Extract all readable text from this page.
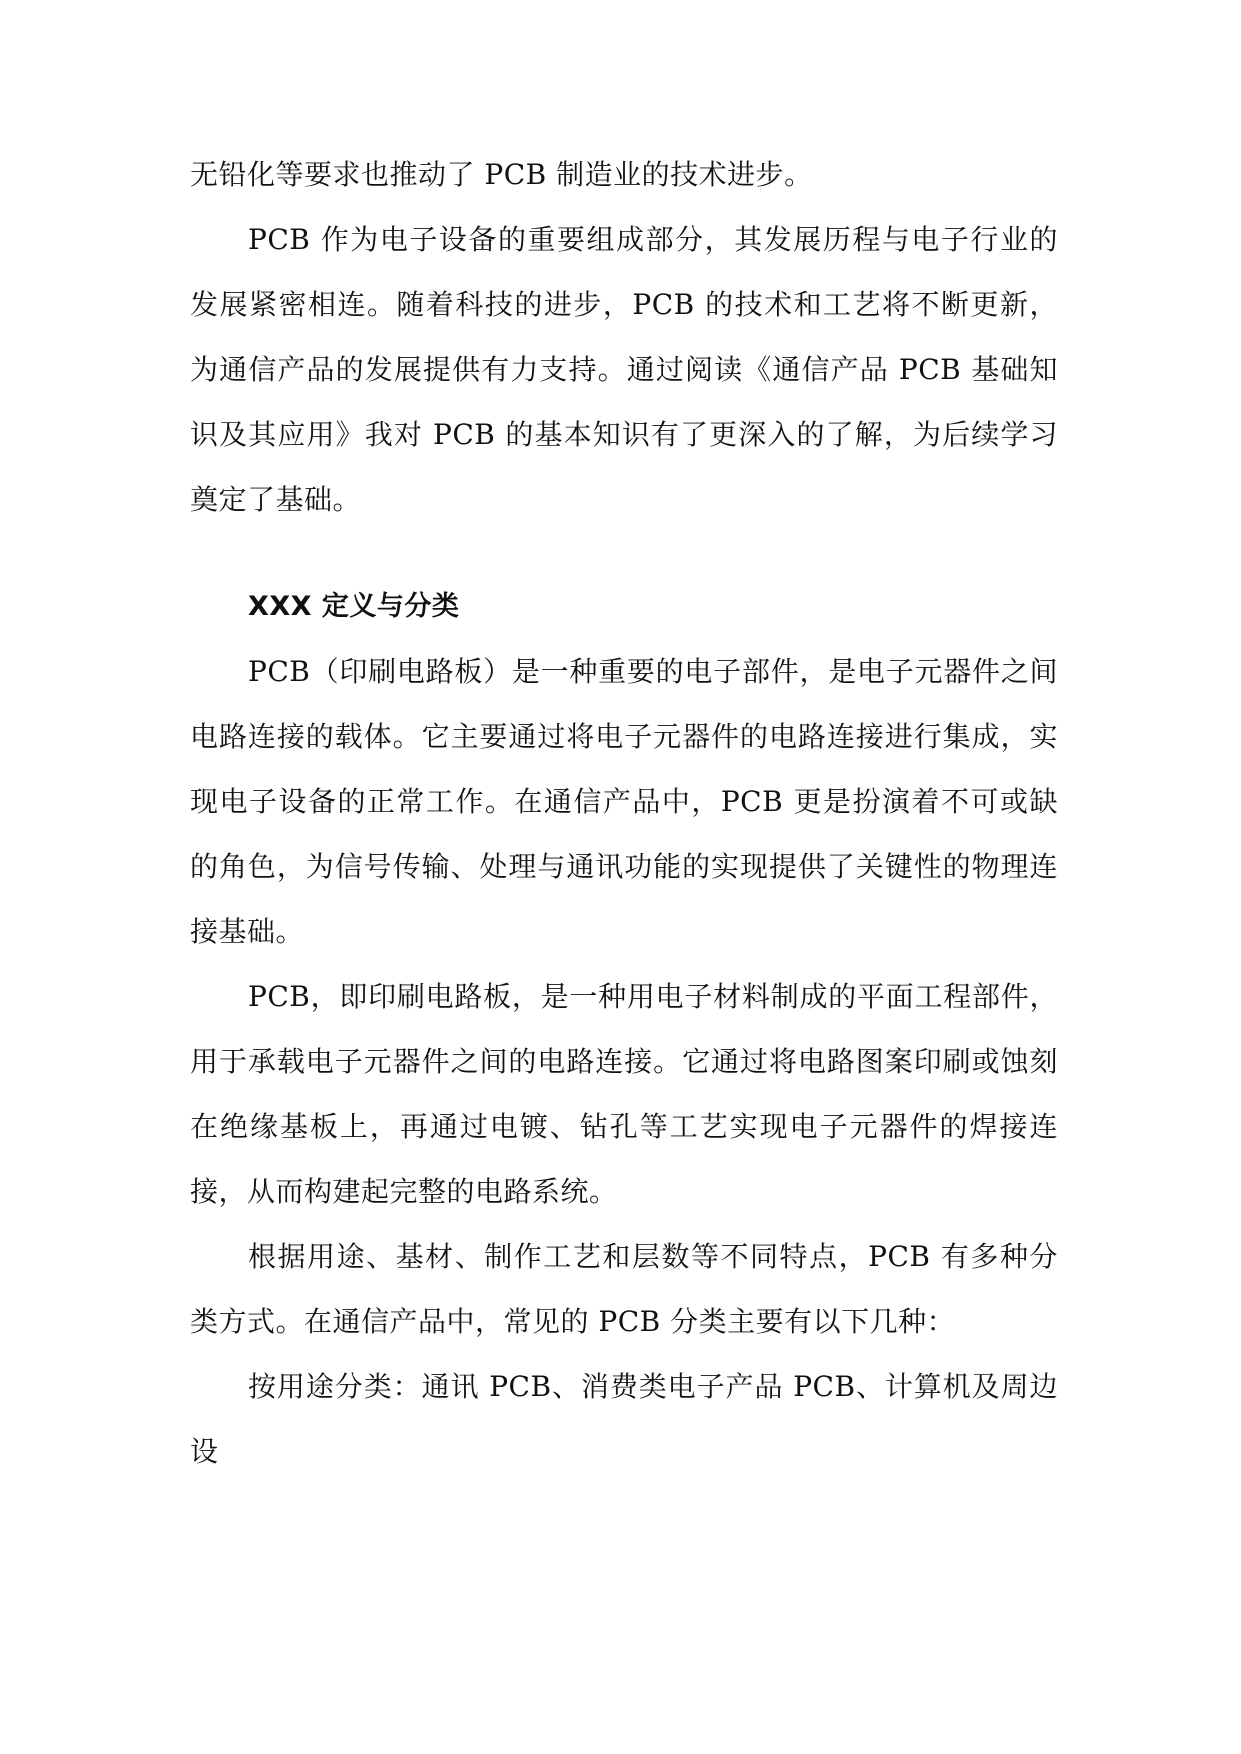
无铅化等要求也推动了 PCB 制造业的技术进步。

PCB 作为电子设备的重要组成部分，其发展历程与电子行业的发展紧密相连。随着科技的进步，PCB 的技术和工艺将不断更新，为通信产品的发展提供有力支持。通过阅读《通信产品 PCB 基础知识及其应用》我对 PCB 的基本知识有了更深入的了解，为后续学习奠定了基础。

XXX 定义与分类

PCB（印刷电路板）是一种重要的电子部件，是电子元器件之间电路连接的载体。它主要通过将电子元器件的电路连接进行集成，实现电子设备的正常工作。在通信产品中，PCB 更是扮演着不可或缺的角色，为信号传输、处理与通讯功能的实现提供了关键性的物理连接基础。

PCB，即印刷电路板，是一种用电子材料制成的平面工程部件，用于承载电子元器件之间的电路连接。它通过将电路图案印刷或蚀刻在绝缘基板上，再通过电镀、钻孔等工艺实现电子元器件的焊接连接，从而构建起完整的电路系统。

根据用途、基材、制作工艺和层数等不同特点，PCB 有多种分类方式。在通信产品中，常见的 PCB 分类主要有以下几种：

按用途分类：通讯 PCB、消费类电子产品 PCB、计算机及周边设
